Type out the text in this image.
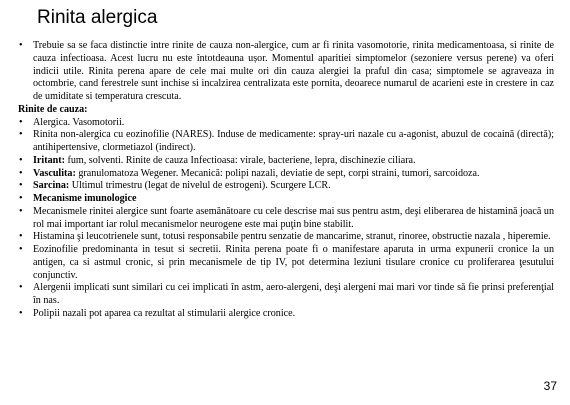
Rinita alergica
• Trebuie sa se faca distinctie intre rinite de cauza non-alergice, cum ar fi rinita vasomotorie, rinita medicamentoasa, si rinite de cauza infectioasa. Acest lucru nu este întotdeauna ușor. Momentul aparitiei simptomelor (sezoniere versus perene) va oferi indicii utile. Rinita perena apare de cele mai multe ori din cauza alergiei la praful din casa; simptomele se agraveaza in octombrie, cand ferestrele sunt inchise si incalzirea centralizata este pornita, deoarece numarul de acarieni este in crestere in caz de umiditate si temperatura crescuta.
Rinite de cauza:
• Alergica. Vasomotorii.
• Rinita non-alergica cu eozinofilie (NARES). Induse de medicamente: spray-uri nazale cu a-agonist, abuzul de cocaină (directă); antihipertensive, clormetiazol (indirect).
• Iritant: fum, solventi. Rinite de cauza Infectioasa: virale, bacteriene, lepra, dischinezie ciliara.
• Vasculita: granulomatoza Wegener. Mecanică: polipi nazali, deviatie de sept, corpi straini, tumori, sarcoidoza.
• Sarcina: Ultimul trimestru (legat de nivelul de estrogeni). Scurgere LCR.
• Mecanisme imunologice
• Mecanismele rinitei alergice sunt foarte asemănătoare cu cele descrise mai sus pentru astm, deşi eliberarea de histamină joacă un rol mai important iar rolul mecanismelor neurogene este mai puţin bine stabilit.
• Histamina şi leucotrienele sunt, totusi responsabile pentru senzatie de mancarime, stranut, rinoree, obstructie nazala , hiperemie.
• Eozinofilie predominanta in tesut si secretii. Rinita perena poate fi o manifestare aparuta in urma expunerii cronice la un antigen, ca si astmul cronic, si prin mecanismele de tip IV, pot determina leziuni tisulare cronice cu proliferarea ţesutului conjunctiv.
• Alergenii implicati sunt similari cu cei implicati în astm, aero-alergeni, deşi alergeni mai mari vor tinde să fie prinsi preferenţial în nas.
• Polipii nazali pot aparea ca rezultat al stimularii alergice cronice.
37
